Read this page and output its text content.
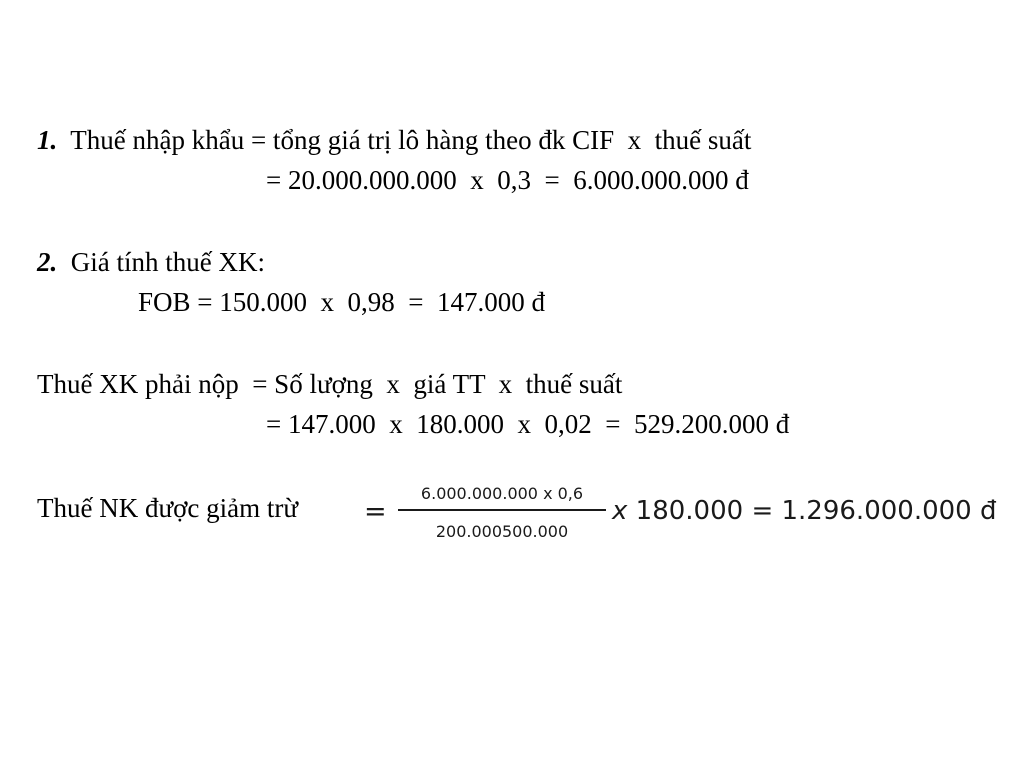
1. Thuế nhập khẩu = tổng giá trị lô hàng theo đk CIF  x  thuế suất
= 20.000.000.000  x  0,3  =  6.000.000.000 đ
2. Giá tính thuế XK:
FOB = 150.000  x  0,98  =  147.000 đ
Thuế XK phải nộp  = Số lượng  x  giá TT  x  thuế suất
= 147.000  x  180.000  x  0,02  =  529.200.000 đ
Thuế NK được giảm trừ =
6.000.000.000 x 0,6
200.000500.000
x 180.000 = 1.296.000.000 đ
